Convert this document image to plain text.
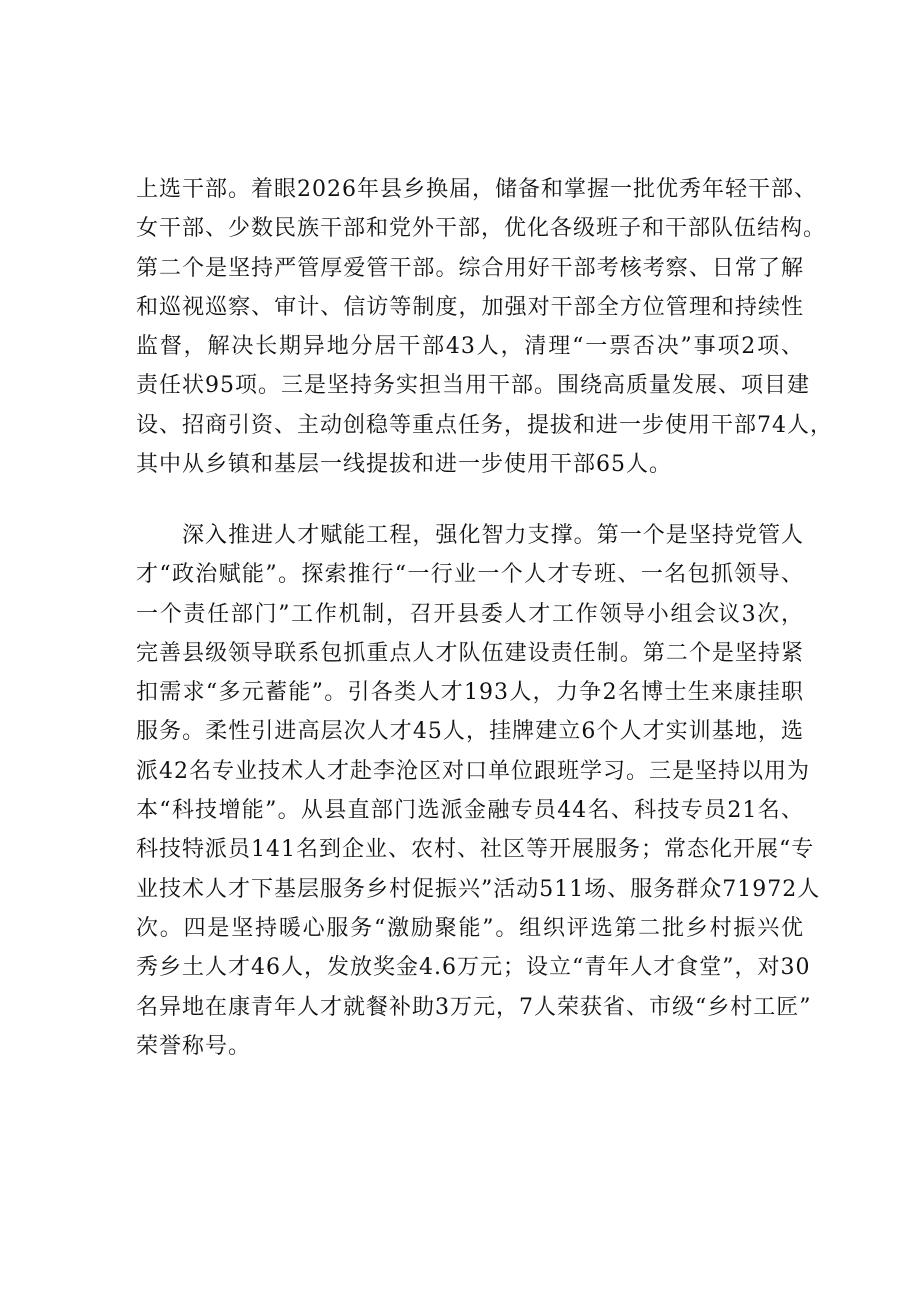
上选干部。着眼2026年县乡换届，储备和掌握一批优秀年轻干部、
女干部、少数民族干部和党外干部，优化各级班子和干部队伍结构。
第二个是坚持严管厚爱管干部。综合用好干部考核考察、日常了解
和巡视巡察、审计、信访等制度，加强对干部全方位管理和持续性
监督，解决长期异地分居干部43人，清理“一票否决”事项2项、
责任状95项。三是坚持务实担当用干部。围绕高质量发展、项目建
设、招商引资、主动创稳等重点任务，提拔和进一步使用干部74人，
其中从乡镇和基层一线提拔和进一步使用干部65人。
深入推进人才赋能工程，强化智力支撑。第一个是坚持党管人
才“政治赋能”。探索推行“一行业一个人才专班、一名包抓领导、
一个责任部门”工作机制，召开县委人才工作领导小组会议3次，
完善县级领导联系包抓重点人才队伍建设责任制。第二个是坚持紧
扣需求“多元蓄能”。引各类人才193人，力争2名博士生来康挂职
服务。柔性引进高层次人才45人，挂牌建立6个人才实训基地，选
派42名专业技术人才赴李沧区对口单位跟班学习。三是坚持以用为
本“科技增能”。从县直部门选派金融专员44名、科技专员21名、
科技特派员141名到企业、农村、社区等开展服务；常态化开展“专
业技术人才下基层服务乡村促振兴”活动511场、服务群众71972人
次。四是坚持暖心服务“激励聚能”。组织评选第二批乡村振兴优
秀乡土人才46人，发放奖金4.6万元；设立“青年人才食堂”，对30
名异地在康青年人才就餐补助3万元，7人荣获省、市级“乡村工匠”
荣誉称号。
